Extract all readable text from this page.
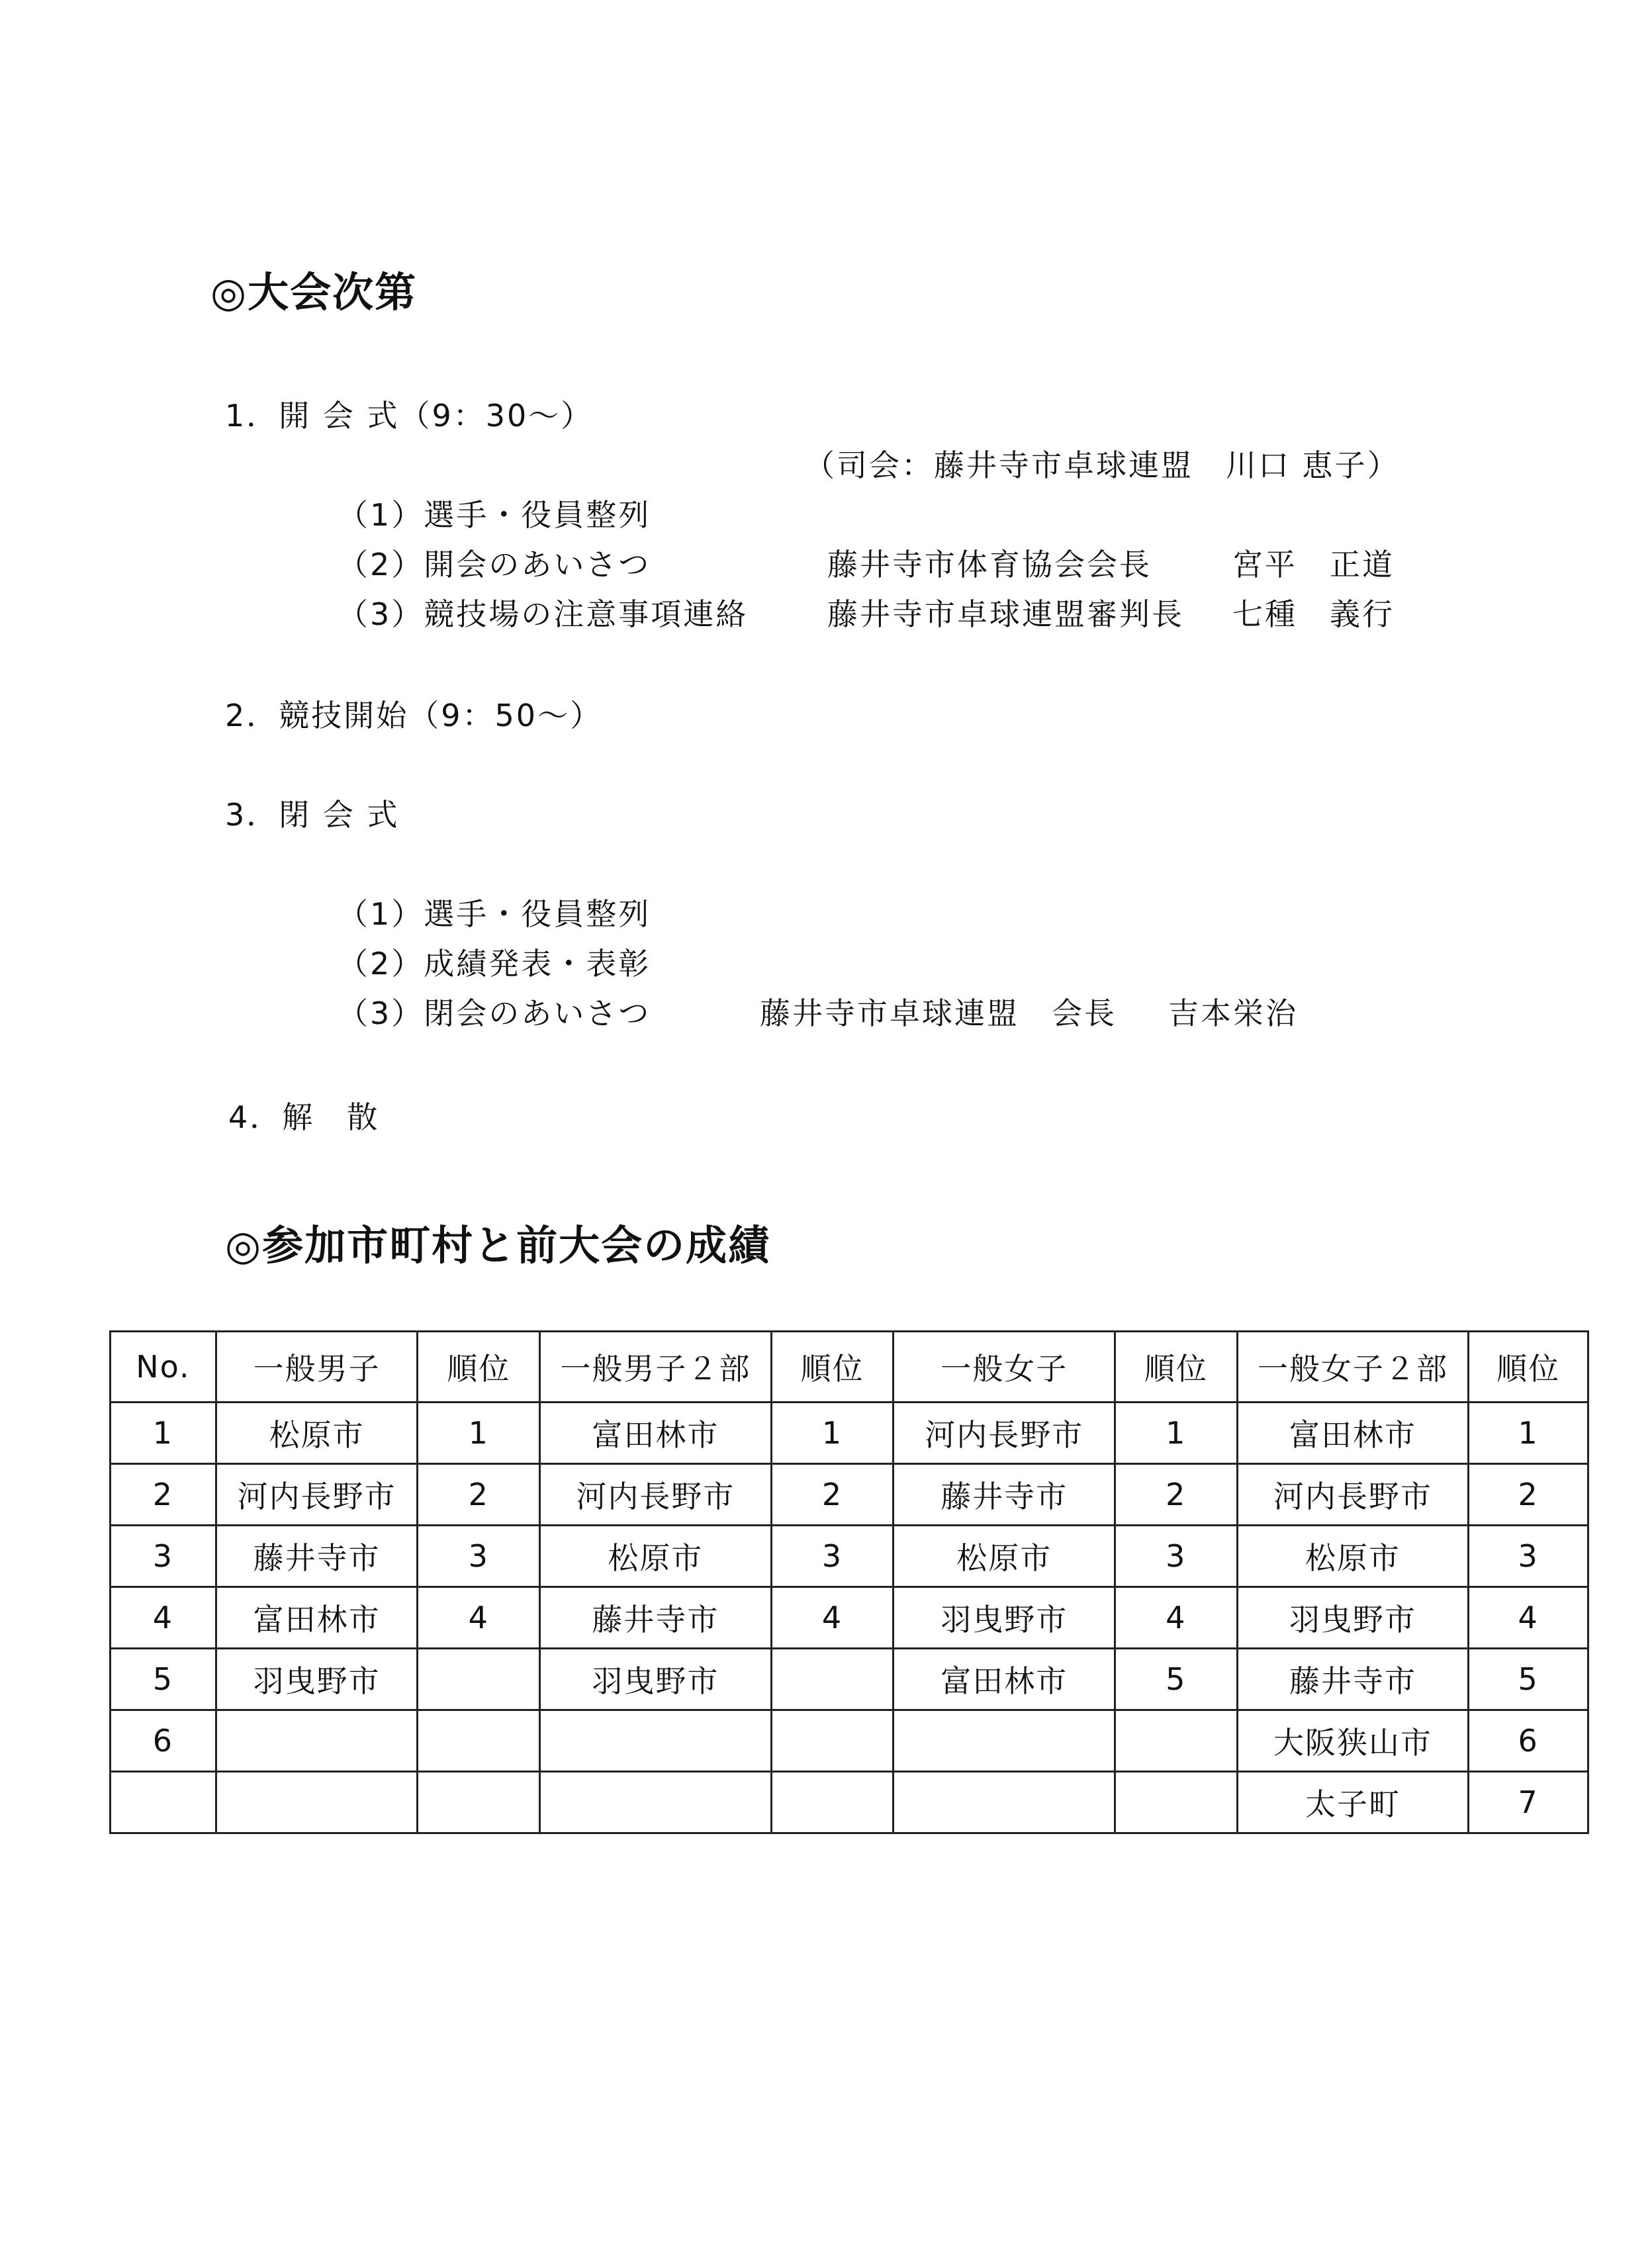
◎大会次第
1．開 会 式（9：30～）
（司会：藤井寺市卓球連盟　川口 恵子）
（1）選手・役員整列
（2）開会のあいさつ	藤井寺市体育協会会長	宮平　正道
（3）競技場の注意事項連絡	藤井寺市卓球連盟審判長 七種　義行
2．競技開始（9：50～）
3．閉 会 式
（1）選手・役員整列
（2）成績発表・表彰
（3）閉会のあいさつ	藤井寺市卓球連盟　会長 吉本栄治
4．解　散
◎参加市町村と前大会の成績
No.	一般男子	順位	一般男子２部	順位	一般女子	順位	一般女子２部	順位
1	松原市	1	富田林市	1	河内長野市	1	富田林市	1
2	河内長野市	2	河内長野市	2	藤井寺市	2	河内長野市	2
3	藤井寺市	3	松原市	3	松原市	3	松原市	3
4	富田林市	4	藤井寺市	4	羽曳野市	4	羽曳野市	4
5	羽曳野市		羽曳野市		富田林市	5	藤井寺市	5
6							大阪狭山市	6
							太子町	7
